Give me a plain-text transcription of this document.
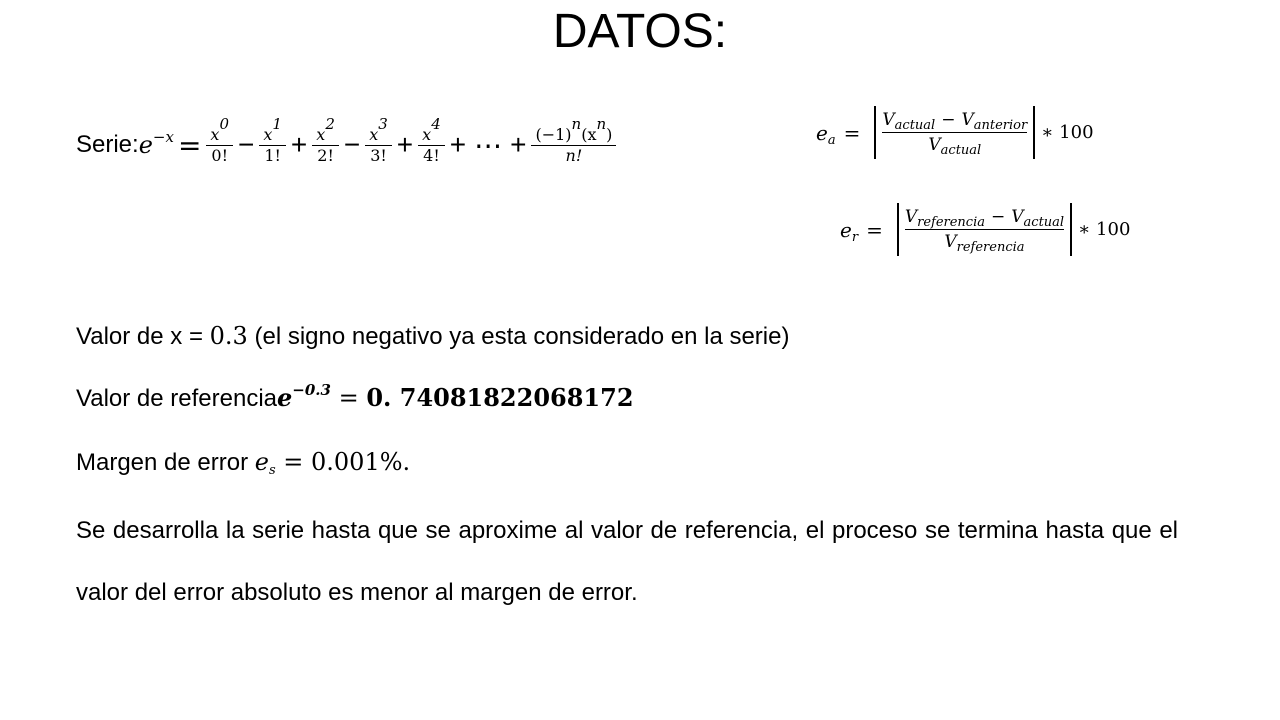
DATOS:
Serie: $e^{-x} = \frac{x^0}{0!} - \frac{x^1}{1!} + \frac{x^2}{2!} - \frac{x^3}{3!} + \frac{x^4}{4!}$ + ⋯ + $\frac{(-1)^n(x^n)}{n!}$	$e_a = \frac{V_{actual} - V_{anterior}}{V_{actual}}$ ∗ 100
$e_r = \frac{V_{referencia} - V_{actual}}{V_{referencia}}$ ∗ 100
Valor de x = 0.3 (el signo negativo ya esta considerado en la serie)
Valor de referenciae$^{-0.3}$ = 0. 74081822068172
Margen de error $e_s = 0.001\%$.
Se desarrolla la serie hasta que se aproxime al valor de referencia, el proceso se termina hasta que el valor del error absoluto es menor al margen de error.
